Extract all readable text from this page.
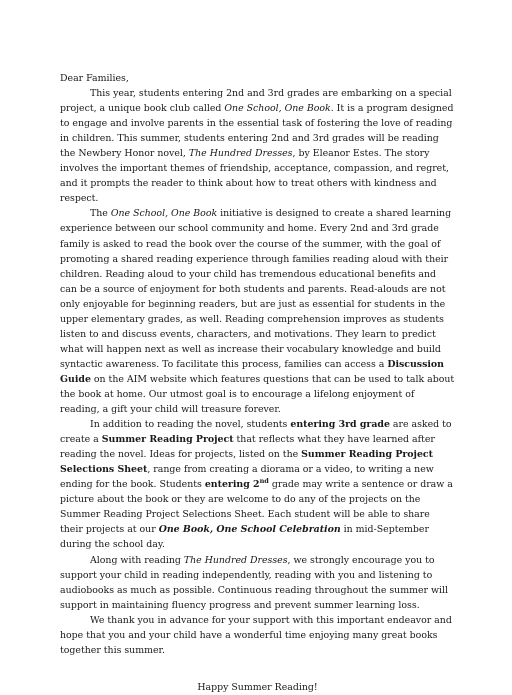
Dear Families,

This year, students entering 2nd and 3rd grades are embarking on a special project, a unique book club called One School, One Book. It is a program designed to engage and involve parents in the essential task of fostering the love of reading in children. This summer, students entering 2nd and 3rd grades will be reading the Newbery Honor novel, The Hundred Dresses, by Eleanor Estes. The story involves the important themes of friendship, acceptance, compassion, and regret, and it prompts the reader to think about how to treat others with kindness and respect.

The One School, One Book initiative is designed to create a shared learning experience between our school community and home. Every 2nd and 3rd grade family is asked to read the book over the course of the summer, with the goal of promoting a shared reading experience through families reading aloud with their children. Reading aloud to your child has tremendous educational benefits and can be a source of enjoyment for both students and parents. Read-alouds are not only enjoyable for beginning readers, but are just as essential for students in the upper elementary grades, as well. Reading comprehension improves as students listen to and discuss events, characters, and motivations. They learn to predict what will happen next as well as increase their vocabulary knowledge and build syntactic awareness. To facilitate this process, families can access a Discussion Guide on the AIM website which features questions that can be used to talk about the book at home. Our utmost goal is to encourage a lifelong enjoyment of reading, a gift your child will treasure forever.

In addition to reading the novel, students entering 3rd grade are asked to create a Summer Reading Project that reflects what they have learned after reading the novel. Ideas for projects, listed on the Summer Reading Project Selections Sheet, range from creating a diorama or a video, to writing a new ending for the book. Students entering 2nd grade may write a sentence or draw a picture about the book or they are welcome to do any of the projects on the Summer Reading Project Selections Sheet. Each student will be able to share their projects at our One Book, One School Celebration in mid-September during the school day.

Along with reading The Hundred Dresses, we strongly encourage you to support your child in reading independently, reading with you and listening to audiobooks as much as possible. Continuous reading throughout the summer will support in maintaining fluency progress and prevent summer learning loss.

We thank you in advance for your support with this important endeavor and hope that you and your child have a wonderful time enjoying many great books together this summer.

Happy Summer Reading!
